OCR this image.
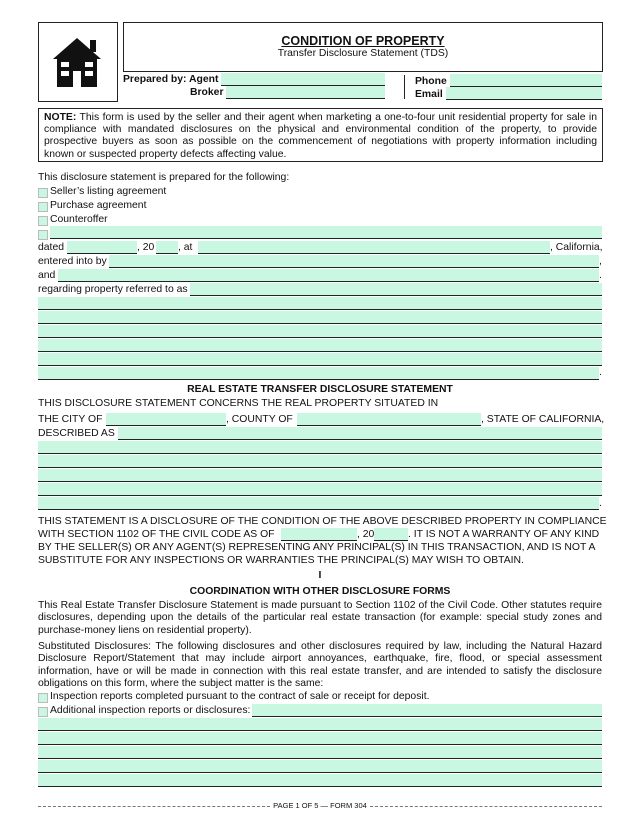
CONDITION OF PROPERTY
Transfer Disclosure Statement (TDS)
Prepared by: Agent
Broker
Phone
Email
NOTE: This form is used by the seller and their agent when marketing a one-to-four unit residential property for sale in compliance with mandated disclosures on the physical and environmental condition of the property, to provide prospective buyers as soon as possible on the commencement of negotiations with property information including known or suspected property defects affecting value.
This disclosure statement is prepared for the following:
Seller’s listing agreement
Purchase agreement
Counteroffer
dated	, 20 , at	, California,
entered into by	,
and	.
regarding property referred to as
.
REAL ESTATE TRANSFER DISCLOSURE STATEMENT
THIS DISCLOSURE STATEMENT CONCERNS THE REAL PROPERTY SITUATED IN
THE CITY OF	, COUNTY OF	, STATE OF CALIFORNIA,
DESCRIBED AS
.
THIS STATEMENT IS A DISCLOSURE OF THE CONDITION OF THE ABOVE DESCRIBED PROPERTY IN COMPLIANCE
WITH SECTION 1102 OF THE CIVIL CODE AS OF	, 20	. IT IS NOT A WARRANTY OF ANY KIND
BY THE SELLER(S) OR ANY AGENT(S) REPRESENTING ANY PRINCIPAL(S) IN THIS TRANSACTION, AND IS NOT A
SUBSTITUTE FOR ANY INSPECTIONS OR WARRANTIES THE PRINCIPAL(S) MAY WISH TO OBTAIN.
I
COORDINATION WITH OTHER DISCLOSURE FORMS
This Real Estate Transfer Disclosure Statement is made pursuant to Section 1102 of the Civil Code. Other statutes require disclosures, depending upon the details of the particular real estate transaction (for example: special study zones and purchase-money liens on residential property).
Substituted Disclosures: The following disclosures and other disclosures required by law, including the Natural Hazard Disclosure Report/Statement that may include airport annoyances, earthquake, fire, flood, or special assessment information, have or will be made in connection with this real estate transfer, and are intended to satisfy the disclosure obligations on this form, where the subject matter is the same:
Inspection reports completed pursuant to the contract of sale or receipt for deposit.
Additional inspection reports or disclosures:
PAGE 1 OF 5 — FORM 304
